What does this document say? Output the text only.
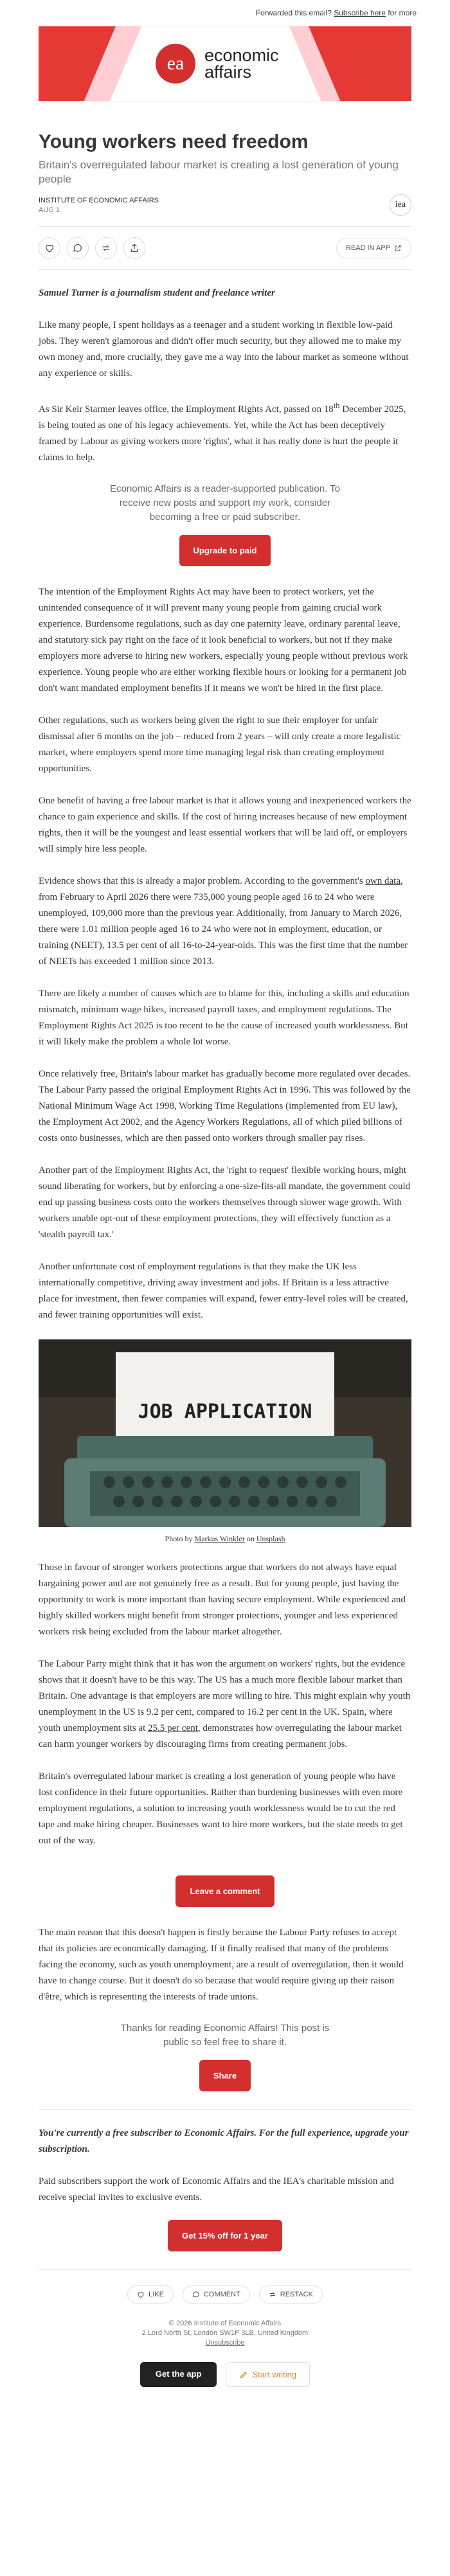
Forwarded this email?
Subscribe here
for more
ea	economic
affairs
Young workers need freedom
Britain's overregulated labour market is creating a lost generation of young people
INSTITUTE OF ECONOMIC AFFAIRS
AUG 1
iea
READ IN APP

Samuel Turner is a journalism student and freelance writer

Like many people, I spent holidays as a teenager and a student working in flexible low-paid jobs. They weren't glamorous and didn't offer much security, but they allowed me to make my own money and, more crucially, they gave me a way into the labour market as someone without any experience or skills.

As Sir Keir Starmer leaves office, the Employment Rights Act, passed on 18th December 2025, is being touted as one of his legacy achievements. Yet, while the Act has been deceptively framed by Labour as giving workers more 'rights', what it has really done is hurt the people it claims to help.

Economic Affairs is a reader-supported publication. To receive new posts and support my work, consider becoming a free or paid subscriber.
Upgrade to paid

The intention of the Employment Rights Act may have been to protect workers, yet the unintended consequence of it will prevent many young people from gaining crucial work experience. Burdensome regulations, such as day one paternity leave, ordinary parental leave, and statutory sick pay right on the face of it look beneficial to workers, but not if they make employers more adverse to hiring new workers, especially young people without previous work experience. Young people who are either working flexible hours or looking for a permanent job don't want mandated employment benefits if it means we won't be hired in the first place.

Other regulations, such as workers being given the right to sue their employer for unfair dismissal after 6 months on the job – reduced from 2 years – will only create a more legalistic market, where employers spend more time managing legal risk than creating employment opportunities.

One benefit of having a free labour market is that it allows young and inexperienced workers the chance to gain experience and skills. If the cost of hiring increases because of new employment rights, then it will be the youngest and least essential workers that will be laid off, or employers will simply hire less people.

Evidence shows that this is already a major problem. According to the government's own data, from February to April 2026 there were 735,000 young people aged 16 to 24 who were unemployed, 109,000 more than the previous year. Additionally, from January to March 2026, there were 1.01 million people aged 16 to 24 who were not in employment, education, or training (NEET), 13.5 per cent of all 16-to-24-year-olds. This was the first time that the number of NEETs has exceeded 1 million since 2013.

There are likely a number of causes which are to blame for this, including a skills and education mismatch, minimum wage hikes, increased payroll taxes, and employment regulations. The Employment Rights Act 2025 is too recent to be the cause of increased youth worklessness. But it will likely make the problem a whole lot worse.

Once relatively free, Britain's labour market has gradually become more regulated over decades. The Labour Party passed the original Employment Rights Act in 1996. This was followed by the National Minimum Wage Act 1998, Working Time Regulations (implemented from EU law), the Employment Act 2002, and the Agency Workers Regulations, all of which piled billions of costs onto businesses, which are then passed onto workers through smaller pay rises.

Another part of the Employment Rights Act, the 'right to request' flexible working hours, might sound liberating for workers, but by enforcing a one-size-fits-all mandate, the government could end up passing business costs onto the workers themselves through slower wage growth. With workers unable opt-out of these employment protections, they will effectively function as a 'stealth payroll tax.'

Another unfortunate cost of employment regulations is that they make the UK less internationally competitive, driving away investment and jobs. If Britain is a less attractive place for investment, then fewer companies will expand, fewer entry-level roles will be created, and fewer training opportunities will exist.

JOB APPLICATION
Photo by Markus Winkler on Unsplash

Those in favour of stronger workers protections argue that workers do not always have equal bargaining power and are not genuinely free as a result. But for young people, just having the opportunity to work is more important than having secure employment. While experienced and highly skilled workers might benefit from stronger protections, younger and less experienced workers risk being excluded from the labour market altogether.

The Labour Party might think that it has won the argument on workers' rights, but the evidence shows that it doesn't have to be this way. The US has a much more flexible labour market than Britain. One advantage is that employers are more willing to hire. This might explain why youth unemployment in the US is 9.2 per cent, compared to 16.2 per cent in the UK. Spain, where youth unemployment sits at 25.5 per cent, demonstrates how overregulating the labour market can harm younger workers by discouraging firms from creating permanent jobs.

Britain's overregulated labour market is creating a lost generation of young people who have lost confidence in their future opportunities. Rather than burdening businesses with even more employment regulations, a solution to increasing youth worklessness would be to cut the red tape and make hiring cheaper. Businesses want to hire more workers, but the state needs to get out of the way.

Leave a comment

The main reason that this doesn't happen is firstly because the Labour Party refuses to accept that its policies are economically damaging. If it finally realised that many of the problems facing the economy, such as youth unemployment, are a result of overregulation, then it would have to change course. But it doesn't do so because that would require giving up their raison d'être, which is representing the interests of trade unions.

Thanks for reading Economic Affairs! This post is public so feel free to share it.
Share

You're currently a free subscriber to Economic Affairs. For the full experience, upgrade your subscription.

Paid subscribers support the work of Economic Affairs and the IEA's charitable mission and receive special invites to exclusive events.

Get 15% off for 1 year
LIKE	COMMENT	RESTACK
© 2026 Institute of Economic Affairs
2 Lord North St, London SW1P 3LB, United Kingdom
Unsubscribe
Get the app	Start writing
